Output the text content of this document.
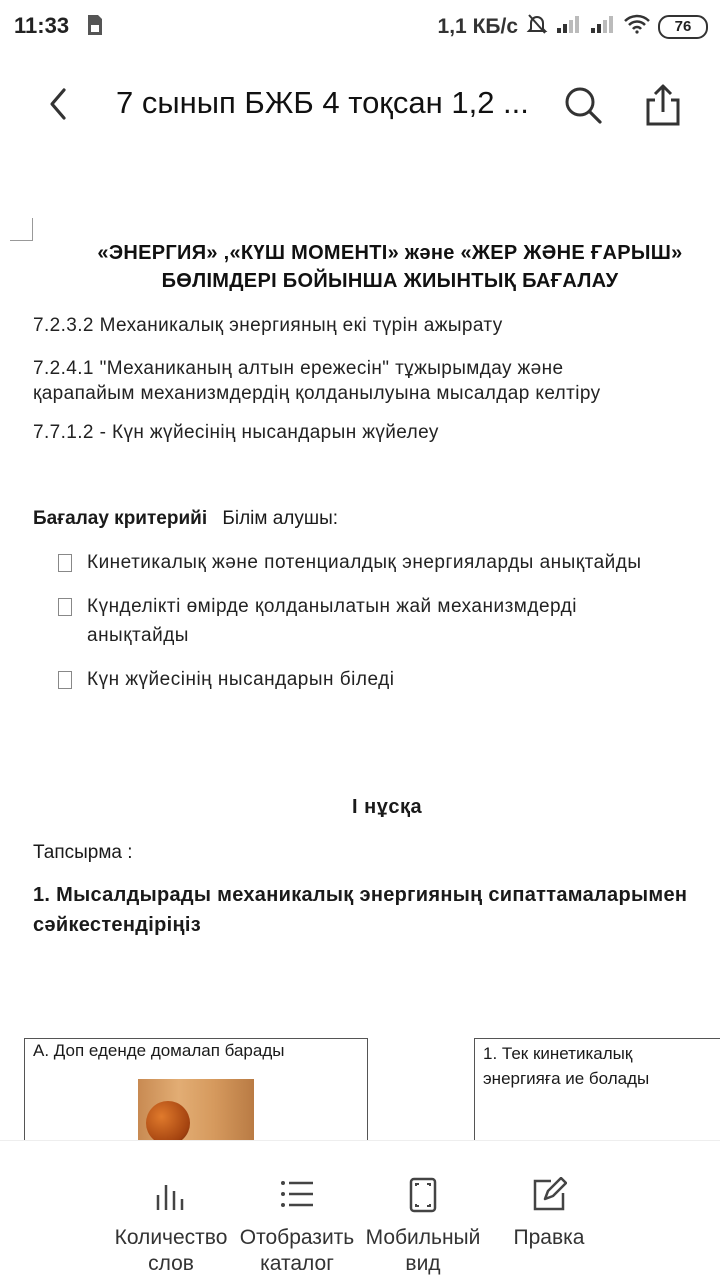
11:33	1,1 КБ/с	76
7 сынып БЖБ 4 тоқсан 1,2 ...
«ЭНЕРГИЯ» ,«КҮШ МОМЕНТІ» және «ЖЕР ЖӘНЕ ҒАРЫШ»
БӨЛІМДЕРІ БОЙЫНША ЖИЫНТЫҚ БАҒАЛАУ
7.2.3.2 Механикалық энергияның екі түрін ажырату
7.2.4.1 "Механиканың алтын ережесін" тұжырымдау және
қарапайым механизмдердің қолданылуына мысалдар келтіру
7.7.1.2 - Күн жүйесінің нысандарын жүйелеу
Бағалау критерийі Білім алушы:
Кинетикалық және потенциалдық энергияларды анықтайды
Күнделікті өмірде қолданылатын жай механизмдерді
анықтайды
Күн жүйесінің нысандарын біледі
I нұсқа
Тапсырма :
1. Мысалдырады механикалық энергияның сипаттамаларымен
сәйкестендіріңіз
А. Доп еденде домалап барады	1. Тек кинетикалық
энергияға ие болады
Количество
слов
Отобразить
каталог
Мобильный
вид
Правка
